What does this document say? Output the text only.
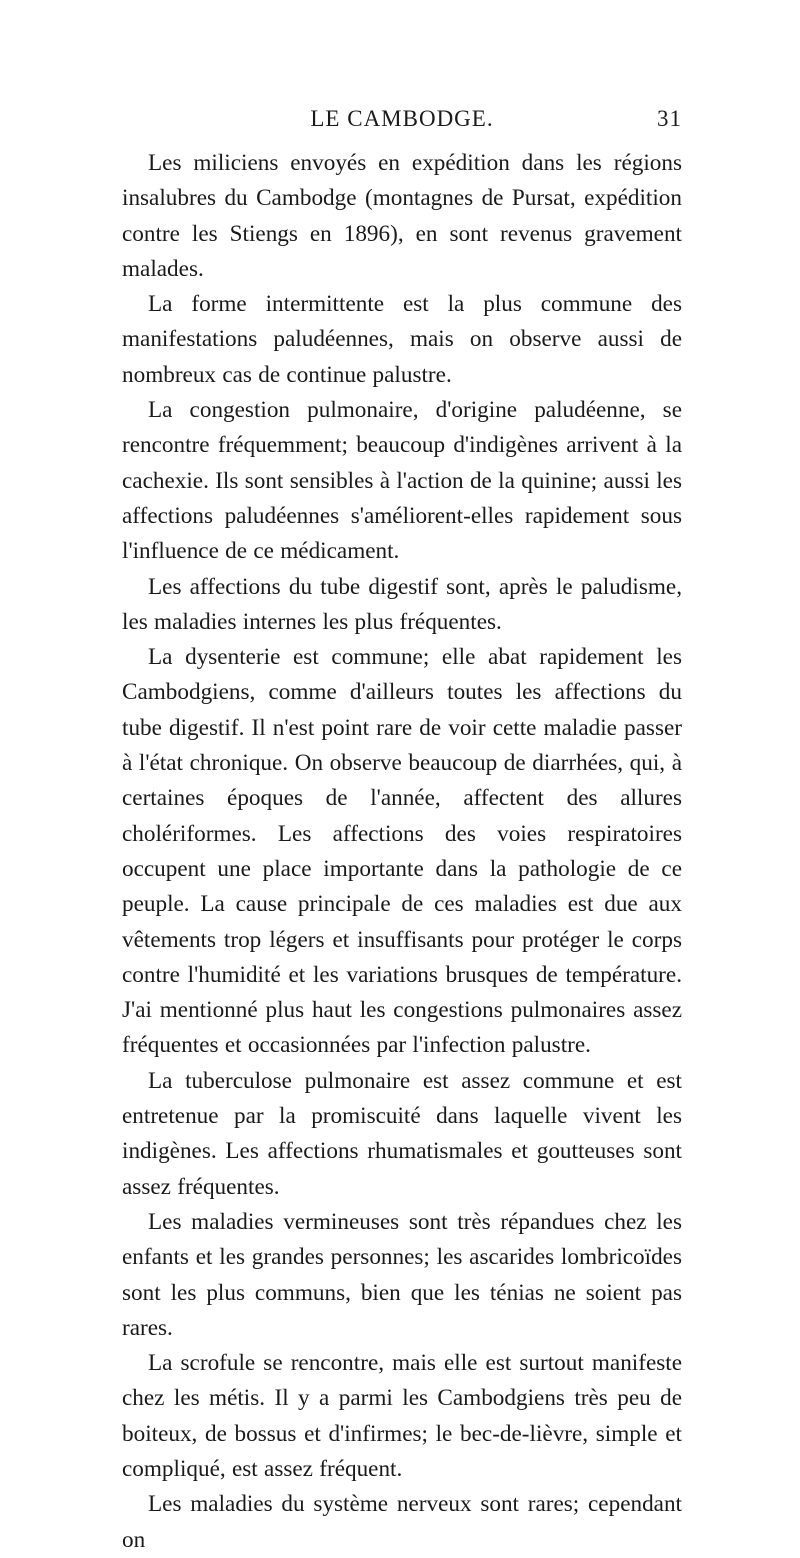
LE CAMBODGE.	31

Les miliciens envoyés en expédition dans les régions insalubres du Cambodge (montagnes de Pursat, expédition contre les Stiengs en 1896), en sont revenus gravement malades.

La forme intermittente est la plus commune des manifestations paludéennes, mais on observe aussi de nombreux cas de continue palustre.

La congestion pulmonaire, d'origine paludéenne, se rencontre fréquemment; beaucoup d'indigènes arrivent à la cachexie. Ils sont sensibles à l'action de la quinine; aussi les affections paludéennes s'améliorent-elles rapidement sous l'influence de ce médicament.

Les affections du tube digestif sont, après le paludisme, les maladies internes les plus fréquentes.

La dysenterie est commune; elle abat rapidement les Cambodgiens, comme d'ailleurs toutes les affections du tube digestif. Il n'est point rare de voir cette maladie passer à l'état chronique. On observe beaucoup de diarrhées, qui, à certaines époques de l'année, affectent des allures cholériformes. Les affections des voies respiratoires occupent une place importante dans la pathologie de ce peuple. La cause principale de ces maladies est due aux vêtements trop légers et insuffisants pour protéger le corps contre l'humidité et les variations brusques de température. J'ai mentionné plus haut les congestions pulmonaires assez fréquentes et occasionnées par l'infection palustre.

La tuberculose pulmonaire est assez commune et est entretenue par la promiscuité dans laquelle vivent les indigènes. Les affections rhumatismales et goutteuses sont assez fréquentes.

Les maladies vermineuses sont très répandues chez les enfants et les grandes personnes; les ascarides lombricoïdes sont les plus communs, bien que les ténias ne soient pas rares.

La scrofule se rencontre, mais elle est surtout manifeste chez les métis. Il y a parmi les Cambodgiens très peu de boiteux, de bossus et d'infirmes; le bec-de-lièvre, simple et compliqué, est assez fréquent.

Les maladies du système nerveux sont rares; cependant on
